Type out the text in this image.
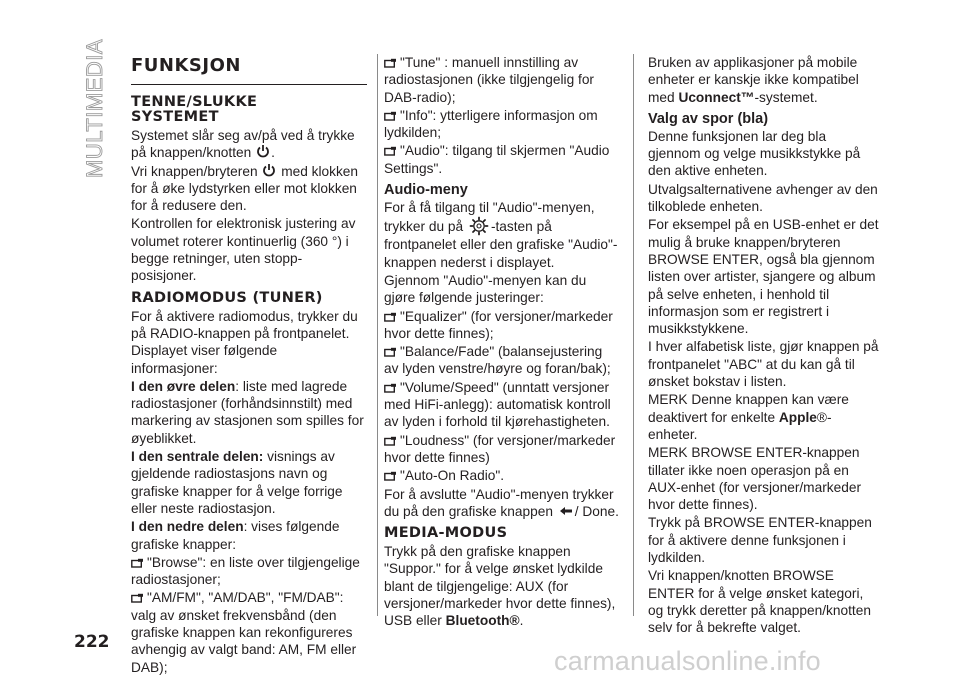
MULTIMEDIA FUNKSJON
TENNE/SLUKKE SYSTEMET

Systemet slår seg av/på ved å trykke på knappen/knotten .

Vri knappen/bryteren med klokken for å øke lydstyrken eller mot klokken for å redusere den.

Kontrollen for elektronisk justering av volumet roterer kontinuerlig (360 °) i begge retninger, uten stopp-posisjoner.

RADIOMODUS (TUNER)

For å aktivere radiomodus, trykker du på RADIO-knappen på frontpanelet. Displayet viser følgende informasjoner:

I den øvre delen: liste med lagrede radiostasjoner (forhåndsinnstilt) med markering av stasjonen som spilles for øyeblikket.

I den sentrale delen: visnings av gjeldende radiostasjons navn og grafiske knapper for å velge forrige eller neste radiostasjon.

I den nedre delen: vises følgende grafiske knapper:

"Browse": en liste over tilgjengelige radiostasjoner;

"AM/FM", "AM/DAB", "FM/DAB": valg av ønsket frekvensbånd (den grafiske knappen kan rekonfigureres avhengig av valgt band: AM, FM eller DAB);

"Tune" : manuell innstilling av radiostasjonen (ikke tilgjengelig for DAB-radio);

"Info": ytterligere informasjon om lydkilden;

"Audio": tilgang til skjermen "Audio Settings".

Audio-meny

For å få tilgang til "Audio"-menyen, trykker du på -tasten på frontpanelet eller den grafiske "Audio"-knappen nederst i displayet.

Gjennom "Audio"-menyen kan du gjøre følgende justeringer:

"Equalizer" (for versjoner/markeder hvor dette finnes);

"Balance/Fade" (balansejustering av lyden venstre/høyre og foran/bak);

"Volume/Speed" (unntatt versjoner med HiFi-anlegg): automatisk kontroll av lyden i forhold til kjørehastigheten.

"Loudness" (for versjoner/markeder hvor dette finnes)

"Auto-On Radio".

For å avslutte "Audio"-menyen trykker du på den grafiske knappen / Done.

MEDIA-MODUS

Trykk på den grafiske knappen "Suppor." for å velge ønsket lydkilde blant de tilgjengelige: AUX (for versjoner/markeder hvor dette finnes), USB eller Bluetooth®.

Bruken av applikasjoner på mobile enheter er kanskje ikke kompatibel med Uconnect™-systemet.

Valg av spor (bla)

Denne funksjonen lar deg bla gjennom og velge musikkstykke på den aktive enheten.

Utvalgsalternativene avhenger av den tilkoblede enheten.

For eksempel på en USB-enhet er det mulig å bruke knappen/bryteren BROWSE ENTER, også bla gjennom listen over artister, sjangere og album på selve enheten, i henhold til informasjon som er registrert i musikkstykkene.

I hver alfabetisk liste, gjør knappen på frontpanelet "ABC" at du kan gå til ønsket bokstav i listen.

MERK Denne knappen kan være deaktivert for enkelte Apple®-enheter.

MERK BROWSE ENTER-knappen tillater ikke noen operasjon på en AUX-enhet (for versjoner/markeder hvor dette finnes).

Trykk på BROWSE ENTER-knappen for å aktivere denne funksjonen i lydkilden.

Vri knappen/knotten BROWSE ENTER for å velge ønsket kategori, og trykk deretter på knappen/knotten selv for å bekrefte valget.

222
carmanualsonline.info
